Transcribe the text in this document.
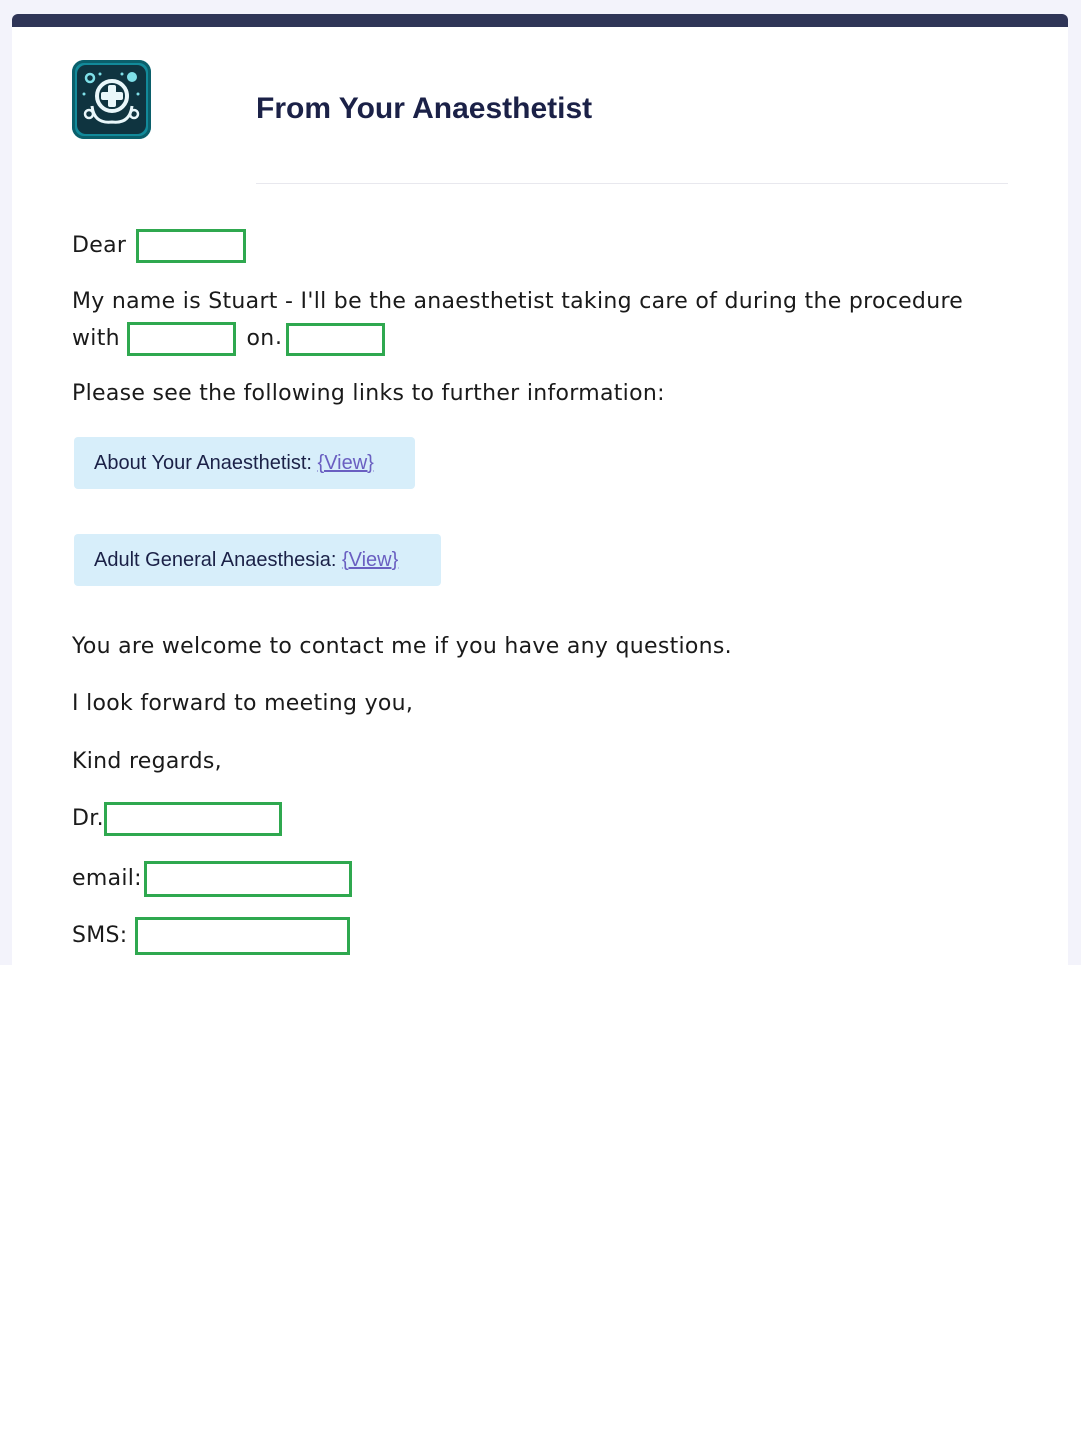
From Your Anaesthetist
Dear
My name is Stuart - I'll be the anaesthetist taking care of during the procedure
with	on .
Please see the following links to further information:
About Your Anaesthetist: {View}
Adult General Anaesthesia: {View}
You are welcome to contact me if you have any questions.
I look forward to meeting you,
Kind regards,
Dr.
email:
SMS:
